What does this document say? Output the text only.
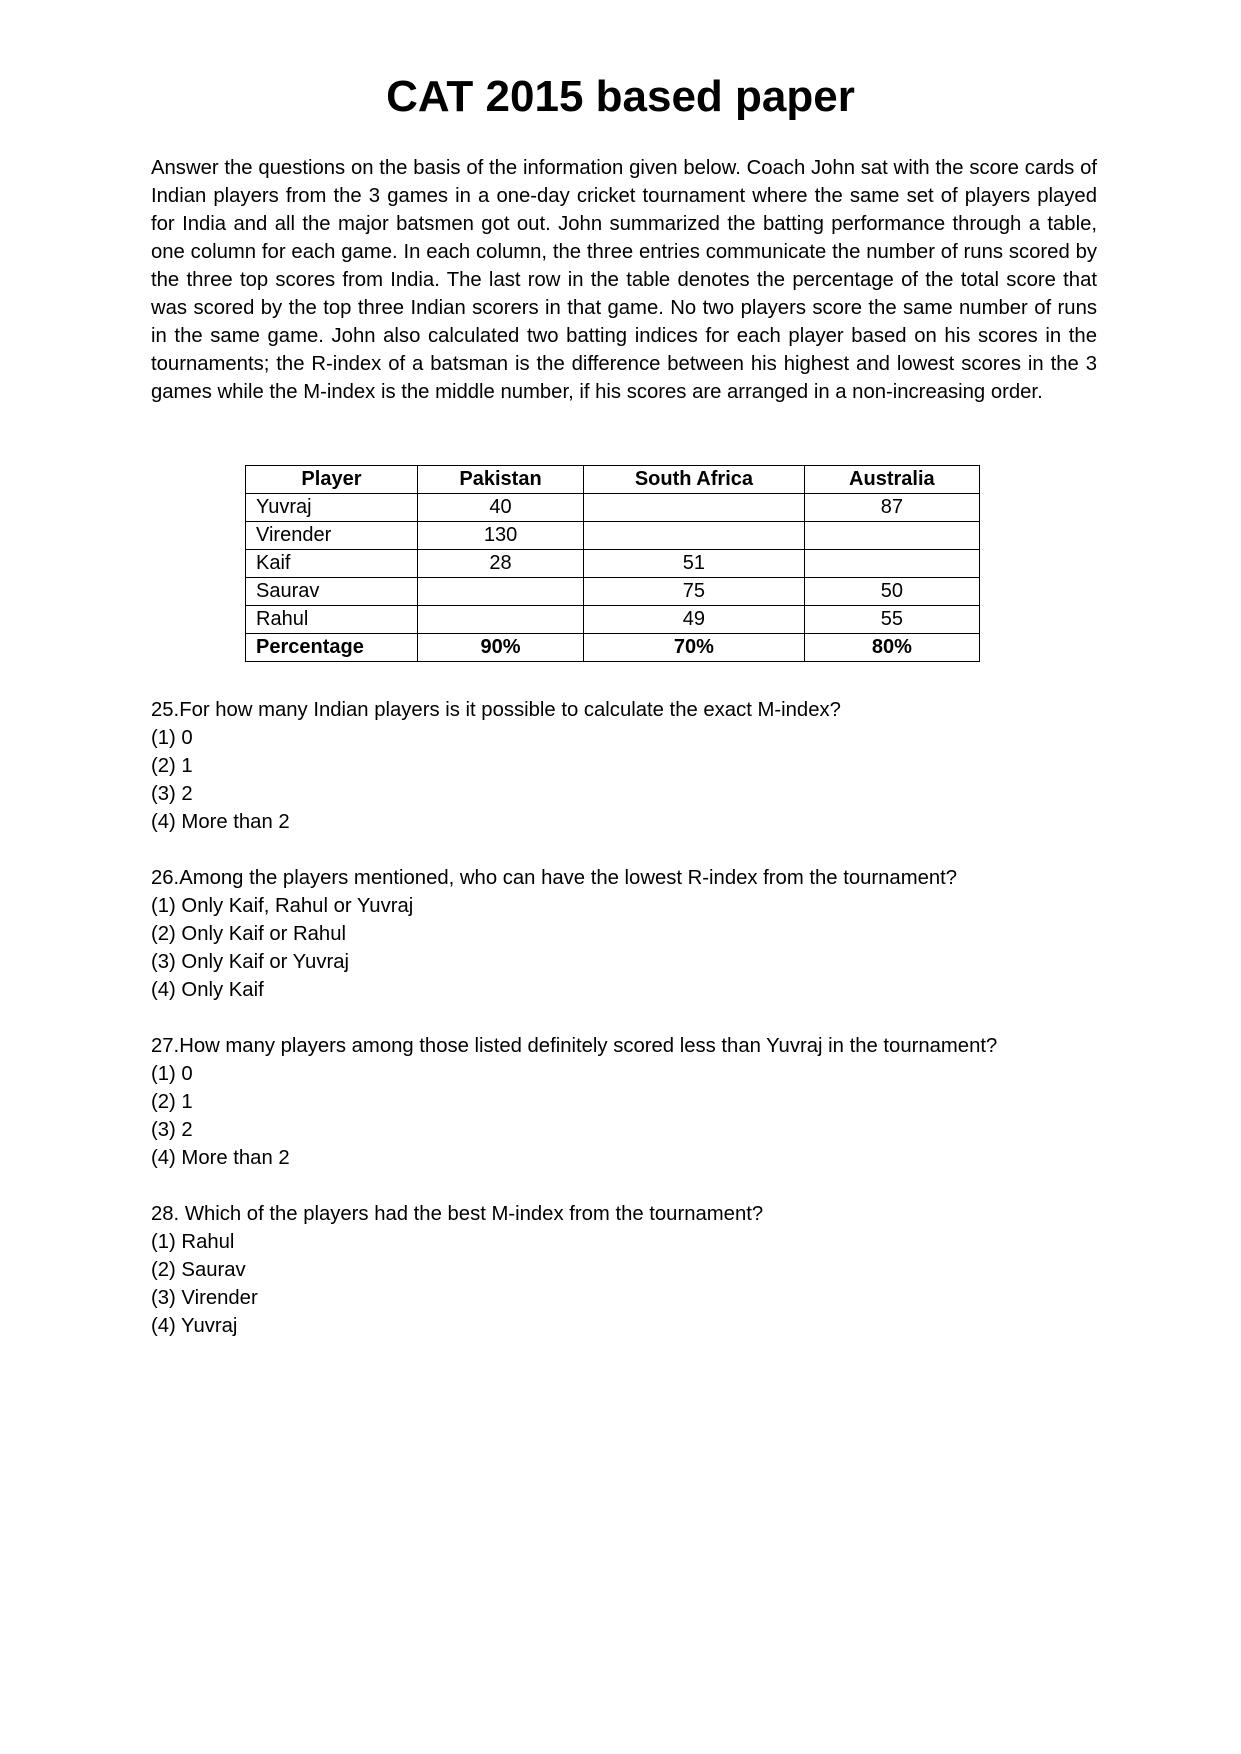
CAT 2015 based paper

Answer the questions on the basis of the information given below. Coach John sat with the score cards of Indian players from the 3 games in a one-day cricket tournament where the same set of players played for India and all the major batsmen got out. John summarized the batting performance through a table, one column for each game. In each column, the three entries communicate the number of runs scored by the three top scores from India. The last row in the table denotes the percentage of the total score that was scored by the top three Indian scorers in that game. No two players score the same number of runs in the same game. John also calculated two batting indices for each player based on his scores in the tournaments; the R-index of a batsman is the difference between his highest and lowest scores in the 3 games while the M-index is the middle number, if his scores are arranged in a non-increasing order.

Player	Pakistan	South Africa	Australia
Yuvraj	40		87
Virender	130		
Kaif	28	51	
Saurav		75	50
Rahul		49	55
Percentage	90%	70%	80%

25.For how many Indian players is it possible to calculate the exact M-index?

(1) 0
(2) 1
(3) 2
(4) More than 2

26.Among the players mentioned, who can have the lowest R-index from the tournament?

(1) Only Kaif, Rahul or Yuvraj
(2) Only Kaif or Rahul
(3) Only Kaif or Yuvraj
(4) Only Kaif

27.How many players among those listed definitely scored less than Yuvraj in the tournament?

(1) 0
(2) 1
(3) 2
(4) More than 2

28. Which of the players had the best M-index from the tournament?

(1) Rahul
(2) Saurav
(3) Virender
(4) Yuvraj
